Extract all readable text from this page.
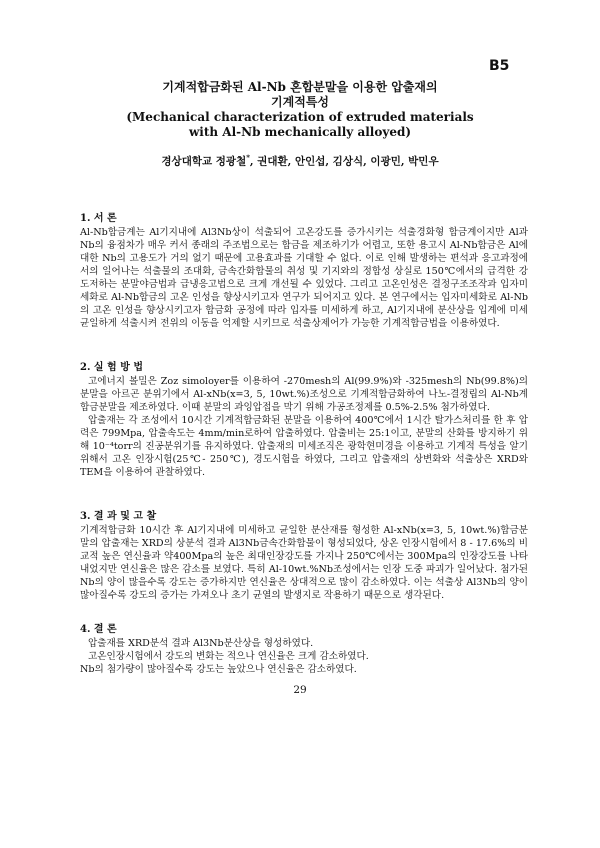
B5
기계적합금화된 Al-Nb 혼합분말을 이용한 압출재의
기계적특성
(Mechanical characterization of extruded materials
with Al-Nb mechanically alloyed)
경상대학교 정광철*, 권대환, 안인섭, 김상식, 이광민, 박민우
1. 서 론

Al-Nb합금계는 Al기지내에 Al3Nb상이 석출되어 고온강도를 증가시키는 석출경화형 합금계이지만 Al과 Nb의 융점차가 매우 커서 종래의 주조법으로는 합금을 제조하기가 어렵고, 또한 용고시 Al-Nb합금은 Al에대한 Nb의 고용도가 거의 없기 때문에 고용효과를 기대할 수 없다. 이로 인해 발생하는 편석과 응고과정에서의 일어나는 석출물의 조대화, 금속간화합물의 취성 및 기지와의 정합성 상실로 150℃에서의 급격한 강도저하는 분말야금법과 급냉응고법으로 크게 개선될 수 있었다. 그리고 고온인성은 결정구조조작과 입자미세화로 Al-Nb합금의 고온 인성을 향상시키고자 연구가 되어지고 있다. 본 연구에서는 입자미세화로 Al-Nb의 고온 인성을 향상시키고자 합금화 공정에 따라 입자를 미세하게 하고, Al기지내에 분산상을 입계에 미세 균일하게 석출시켜 전위의 이동을 억제할 시키므로 석출상제어가 가능한 기계적합금법을 이용하였다.

2. 실 험 방 법

고에너지 볼밀은 Zoz simoloyer를 이용하여 -270mesh의 Al(99.9%)와 -325mesh의 Nb(99.8%)의 분말을 아르곤 분위기에서 Al-xNb(x=3, 5, 10wt.%)조성으로 기계적합금화하여 나노-결정립의 Al-Nb계합금분말을 제조하였다. 이때 분말의 과잉압접을 막기 위해 가공조정제를 0.5%-2.5% 첨가하였다.

압출재는 각 조성에서 10시간 기계적합금화된 분말을 이용하여 400℃에서 1시간 탈가스처리를 한 후 압력은 799Mpa, 압출속도는 4mm/min로하여 압출하였다. 압출비는 25:1이고, 분말의 산화를 방지하기 위해 10⁻⁴torr의 진공분위기를 유지하였다. 압출재의 미세조직은 광학현미경을 이용하고 기계적 특성을 알기 위해서 고온 인장시험(25℃- 250℃), 경도시험을 하였다, 그리고 압출재의 상변화와 석출상은 XRD와 TEM을 이용하여 관찰하였다.

3. 결 과 및 고 찰

기계적합금화 10시간 후 Al기지내에 미세하고 균일한 분산재를 형성한 Al-xNb(x=3, 5, 10wt.%)합금분말의 압출재는 XRD의 상분석 결과 Al3Nb금속간화합물이 형성되었다, 상온 인장시험에서 8 - 17.6%의 비교적 높은 연신율과 약400Mpa의 높은 최대인장강도를 가지나 250℃에서는 300Mpa의 인장강도를 나타내었지만 연신율은 많은 감소를 보였다. 특히 Al-10wt.%Nb조성에서는 인장 도중 파괴가 일어났다. 첨가된 Nb의 양이 많을수록 강도는 증가하지만 연신율은 상대적으로 많이 감소하였다. 이는 석출상 Al3Nb의 양이 많아질수록 강도의 증가는 가져오나 초기 균열의 발생지로 작용하기 때문으로 생각된다.

4. 결 론

압출재를 XRD분석 결과 Al3Nb분산상을 형성하였다.

고온인장시험에서 강도의 변화는 적으나 연신율은 크게 감소하였다.

Nb의 첨가량이 많아질수록 강도는 높았으나 연신율은 감소하였다.

29
